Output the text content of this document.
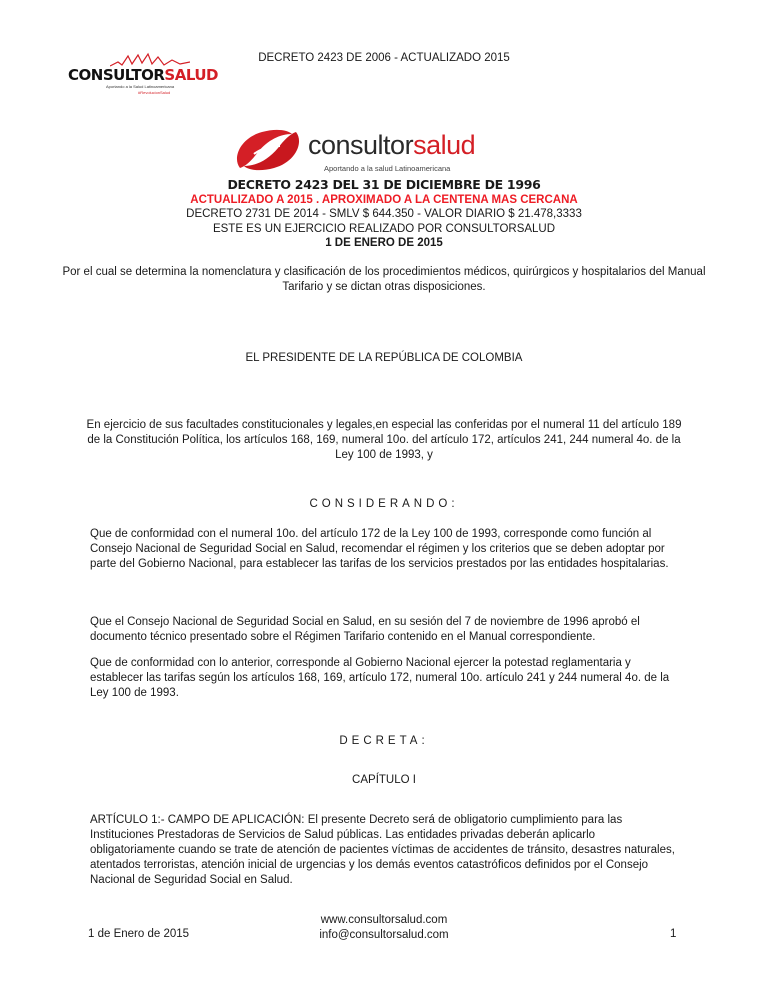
DECRETO 2423 DE 2006 - ACTUALIZADO 2015
CONSULTORSALUD
Aportando a la Salud Latinoamericana
#RevolucionSalud
consultorsalud
Aportando a la salud Latinoamericana
DECRETO 2423 DEL 31 DE DICIEMBRE DE 1996
ACTUALIZADO A 2015 . APROXIMADO A LA CENTENA MAS CERCANA
DECRETO 2731 DE 2014 - SMLV $ 644.350 - VALOR DIARIO $ 21.478,3333
ESTE ES UN EJERCICIO REALIZADO POR CONSULTORSALUD
1 DE ENERO DE 2015
Por el cual se determina la nomenclatura y clasificación de los procedimientos médicos, quirúrgicos y hospitalarios del Manual Tarifario y se dictan otras disposiciones.
EL PRESIDENTE DE LA REPÚBLICA DE COLOMBIA
En ejercicio de sus facultades constitucionales y legales,en especial las conferidas por el numeral 11 del artículo 189 de la Constitución Política, los artículos 168, 169, numeral 10o. del artículo 172, artículos 241, 244 numeral 4o. de la Ley 100 de 1993, y
CONSIDERANDO:
Que de conformidad con el numeral 10o. del artículo 172 de la Ley 100 de 1993, corresponde como función al Consejo Nacional de Seguridad Social en Salud, recomendar el régimen y los criterios que se deben adoptar por parte del Gobierno Nacional, para establecer las tarifas de los servicios prestados por las entidades hospitalarias.
Que el Consejo Nacional de Seguridad Social en Salud, en su sesión del 7 de noviembre de 1996 aprobó el documento técnico presentado sobre el Régimen Tarifario contenido en el Manual correspondiente.
Que de conformidad con lo anterior, corresponde al Gobierno Nacional ejercer la potestad reglamentaria y establecer las tarifas según los artículos 168, 169, artículo 172, numeral 10o. artículo 241 y 244 numeral 4o. de la Ley 100 de 1993.
DECRETA:
CAPÍTULO I
ARTÍCULO 1:- CAMPO DE APLICACIÓN: El presente Decreto será de obligatorio cumplimiento para las Instituciones Prestadoras de Servicios de Salud públicas. Las entidades privadas deberán aplicarlo obligatoriamente cuando se trate de atención de pacientes víctimas de accidentes de tránsito, desastres naturales, atentados terroristas, atención inicial de urgencias y los demás eventos catastróficos definidos por el Consejo Nacional de Seguridad Social en Salud.
1 de Enero de 2015
www.consultorsalud.com
info@consultorsalud.com	1
